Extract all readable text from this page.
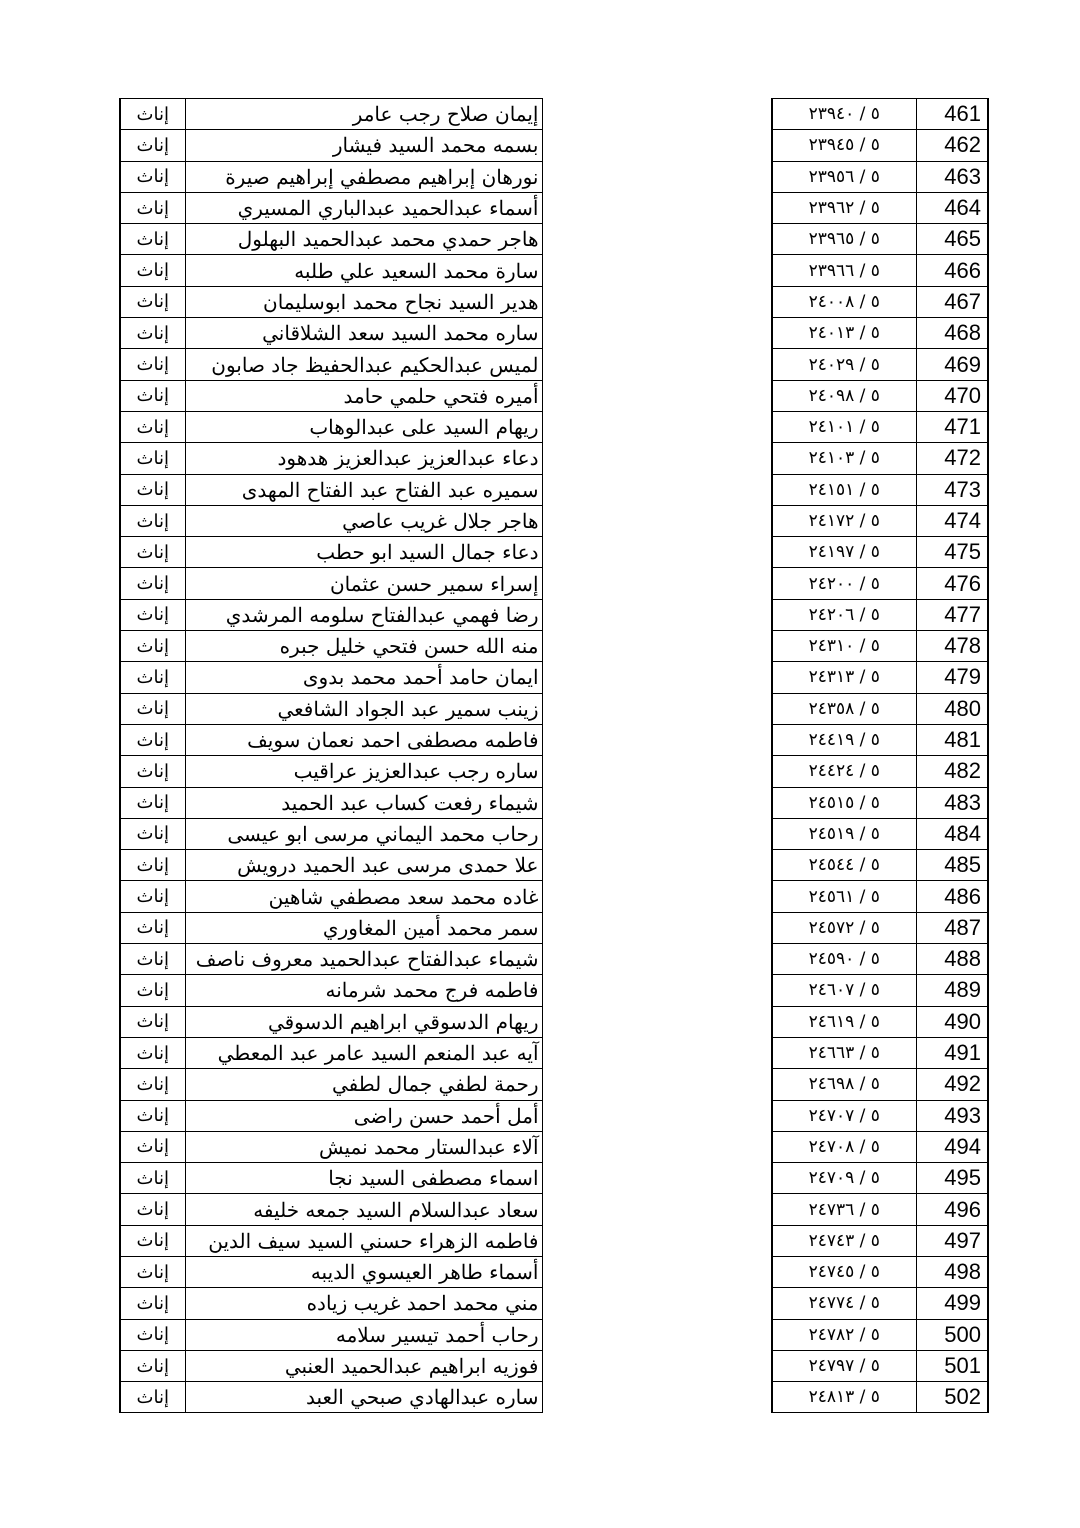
إناث	إيمان صلاح رجب عامر
إناث	بسمه محمد السيد فيشار
إناث	نورهان إبراهيم مصطفي إبراهيم صيرة
إناث	أسماء عبدالحميد عبدالباري المسيري
إناث	هاجر حمدي محمد عبدالحميد البهلول
إناث	سارة محمد السعيد علي طلبه
إناث	هدير السيد نجاح محمد ابوسليمان
إناث	ساره محمد السيد سعد الشلاقاني
إناث	لميس عبدالحكيم عبدالحفيظ جاد صابون
إناث	أميره فتحي حلمي حامد
إناث	ريهام السيد على عبدالوهاب
إناث	دعاء عبدالعزيز عبدالعزيز هدهود
إناث	سميره عبد الفتاح عبد الفتاح المهدى
إناث	هاجر جلال غريب عاصي
إناث	دعاء جمال السيد ابو حطب
إناث	إسراء سمير حسن عثمان
إناث	رضا فهمي عبدالفتاح سلومه المرشدي
إناث	منه الله حسن فتحي خليل جبره
إناث	ايمان حامد أحمد محمد بدوى
إناث	زينب سمير عبد الجواد الشافعي
إناث	فاطمه مصطفى احمد نعمان سويف
إناث	ساره رجب عبدالعزيز عراقيب
إناث	شيماء رفعت كساب عبد الحميد
إناث	رحاب محمد اليماني مرسى ابو عيسى
إناث	علا حمدى مرسى عبد الحميد درويش
إناث	غاده محمد سعد مصطفي شاهين
إناث	سمر محمد أمين المغاوري
إناث	شيماء عبدالفتاح عبدالحميد معروف ناصف
إناث	فاطمه فرج محمد شرمانه
إناث	ريهام الدسوقي ابراهيم الدسوقي
إناث	آيه عبد المنعم السيد عامر عبد المعطي
إناث	رحمة لطفي جمال لطفي
إناث	أمل أحمد حسن راضى
إناث	آلاء عبدالستار محمد نميش
إناث	اسماء مصطفى السيد نجا
إناث	سعاد عبدالسلام السيد جمعه خليفه
إناث	فاطمه الزهراء حسني السيد سيف الدين
إناث	أسماء طاهر العيسوي الديبه
إناث	مني محمد احمد غريب زياده
إناث	رحاب أحمد تيسير سلامه
إناث	فوزيه ابراهيم عبدالحميد العنبي
إناث	ساره عبدالهادي صبحي العبد
٥ / ٢٣٩٤٠	461
٥ / ٢٣٩٤٥	462
٥ / ٢٣٩٥٦	463
٥ / ٢٣٩٦٢	464
٥ / ٢٣٩٦٥	465
٥ / ٢٣٩٦٦	466
٥ / ٢٤٠٠٨	467
٥ / ٢٤٠١٣	468
٥ / ٢٤٠٢٩	469
٥ / ٢٤٠٩٨	470
٥ / ٢٤١٠١	471
٥ / ٢٤١٠٣	472
٥ / ٢٤١٥١	473
٥ / ٢٤١٧٢	474
٥ / ٢٤١٩٧	475
٥ / ٢٤٢٠٠	476
٥ / ٢٤٢٠٦	477
٥ / ٢٤٣١٠	478
٥ / ٢٤٣١٣	479
٥ / ٢٤٣٥٨	480
٥ / ٢٤٤١٩	481
٥ / ٢٤٤٢٤	482
٥ / ٢٤٥١٥	483
٥ / ٢٤٥١٩	484
٥ / ٢٤٥٤٤	485
٥ / ٢٤٥٦١	486
٥ / ٢٤٥٧٢	487
٥ / ٢٤٥٩٠	488
٥ / ٢٤٦٠٧	489
٥ / ٢٤٦١٩	490
٥ / ٢٤٦٦٣	491
٥ / ٢٤٦٩٨	492
٥ / ٢٤٧٠٧	493
٥ / ٢٤٧٠٨	494
٥ / ٢٤٧٠٩	495
٥ / ٢٤٧٣٦	496
٥ / ٢٤٧٤٣	497
٥ / ٢٤٧٤٥	498
٥ / ٢٤٧٧٤	499
٥ / ٢٤٧٨٢	500
٥ / ٢٤٧٩٧	501
٥ / ٢٤٨١٣	502
